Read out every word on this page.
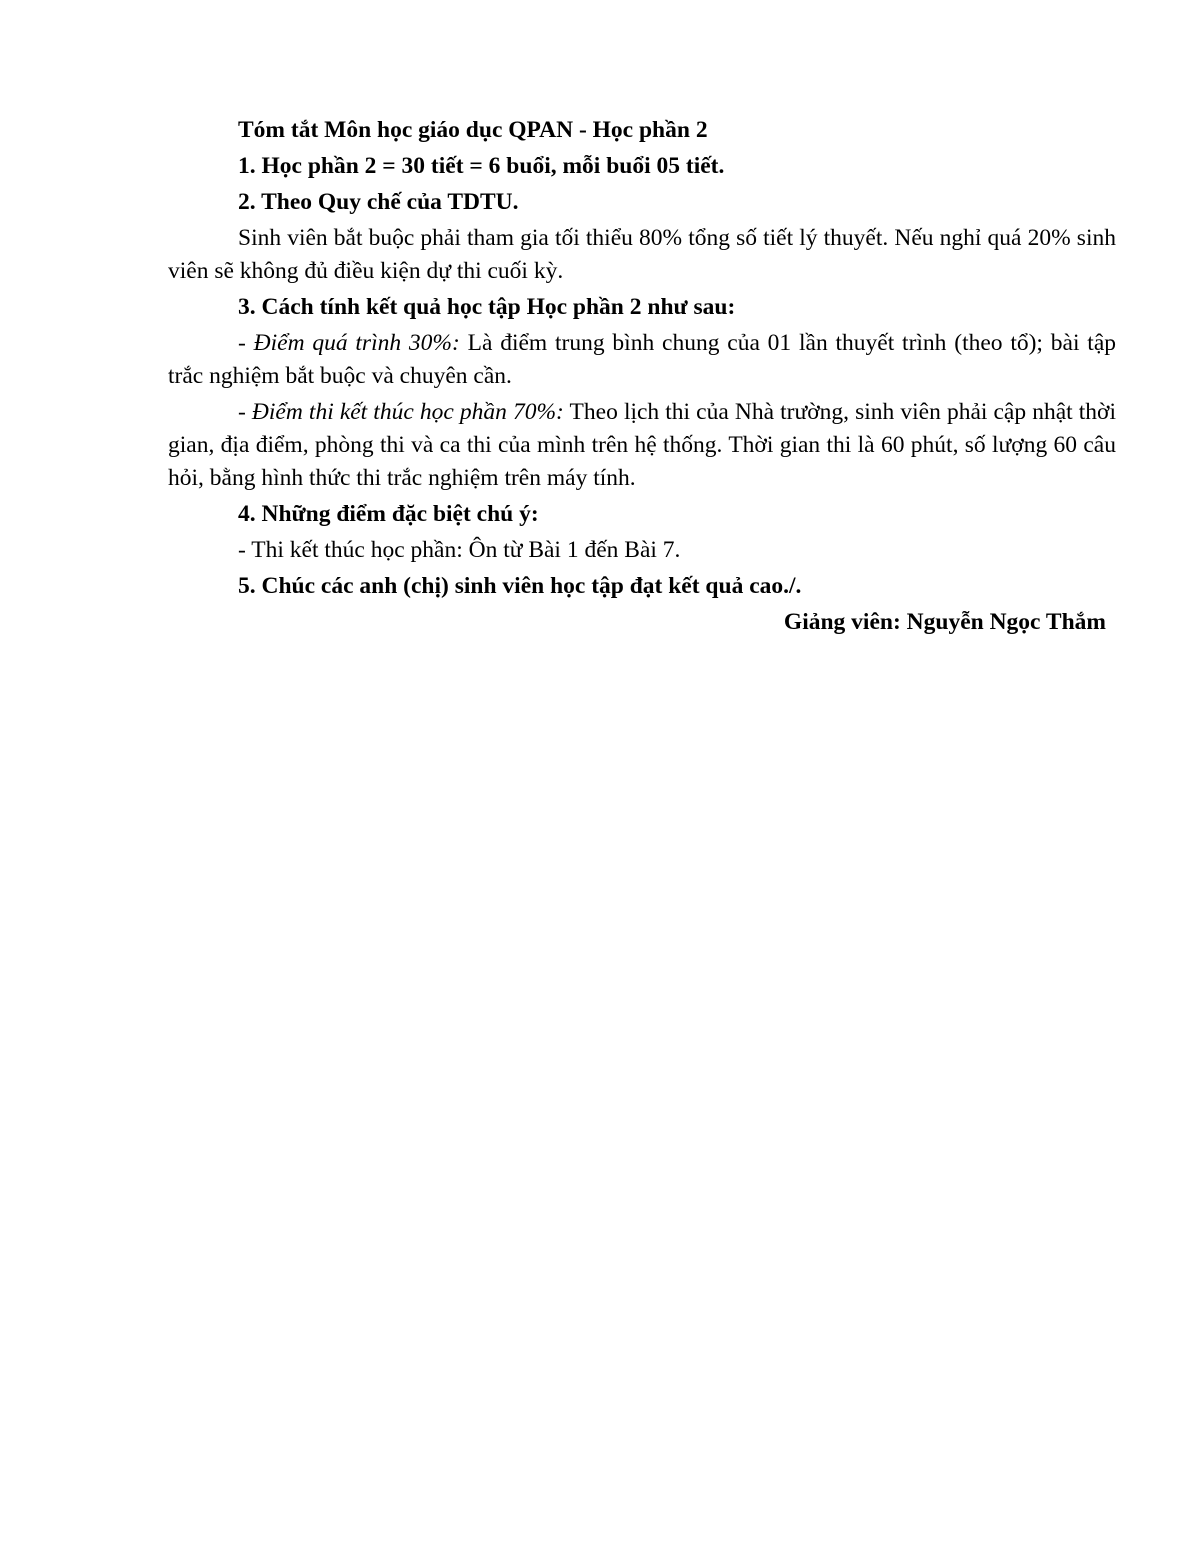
Tóm tắt Môn học giáo dục QPAN - Học phần 2

1. Học phần 2 = 30 tiết = 6 buổi, mỗi buổi 05 tiết.

2. Theo Quy chế của TDTU.

Sinh viên bắt buộc phải tham gia tối thiểu 80% tổng số tiết lý thuyết. Nếu nghỉ quá 20% sinh viên sẽ không đủ điều kiện dự thi cuối kỳ.

3. Cách tính kết quả học tập Học phần 2 như sau:

- Điểm quá trình 30%: Là điểm trung bình chung của 01 lần thuyết trình (theo tổ); bài tập trắc nghiệm bắt buộc và chuyên cần.

- Điểm thi kết thúc học phần 70%: Theo lịch thi của Nhà trường, sinh viên phải cập nhật thời gian, địa điểm, phòng thi và ca thi của mình trên hệ thống. Thời gian thi là 60 phút, số lượng 60 câu hỏi, bằng hình thức thi trắc nghiệm trên máy tính.

4. Những điểm đặc biệt chú ý:

- Thi kết thúc học phần: Ôn từ Bài 1 đến Bài 7.

5. Chúc các anh (chị) sinh viên học tập đạt kết quả cao./.

Giảng viên: Nguyễn Ngọc Thắm
